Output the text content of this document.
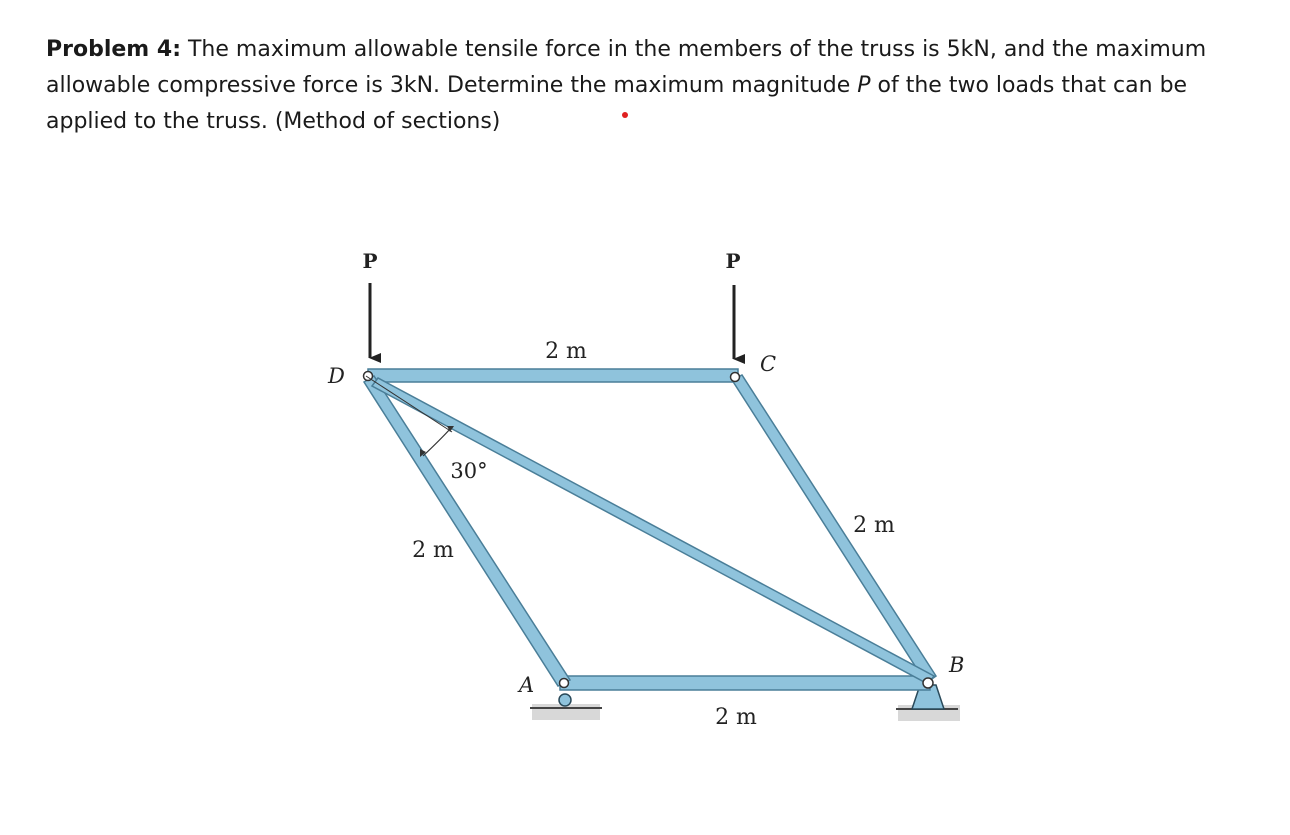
Problem 4: The maximum allowable tensile force in the members of the truss is 5kN, and the maximum allowable compressive force is 3kN. Determine the maximum magnitude P of the two loads that can be applied to the truss. (Method of sections)

P	P
D	C
A
B
2 m
2 m
2 m
2 m
30°
